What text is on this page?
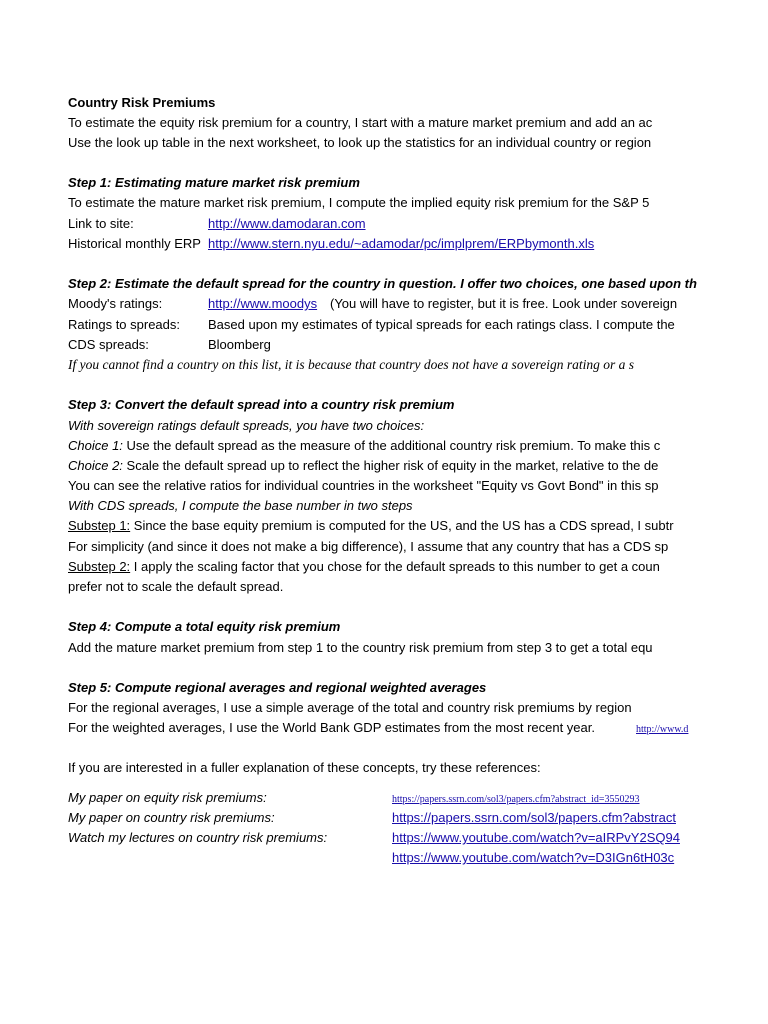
Country Risk Premiums
To estimate the equity risk premium for a country, I start with a mature market premium and add an ac
Use the look up table in the next worksheet, to look up the statistics for an individual country or region
Step 1: Estimating mature market risk premium
To estimate the mature market risk premium, I compute the implied equity risk premium for the S&P 5
Link to site:	http://www.damodaran.com
Historical monthly ERP http://www.stern.nyu.edu/~adamodar/pc/implprem/ERPbymonth.xls
Step 2: Estimate the default spread for the country in question. I offer two choices, one based upon th
Moody's ratings:	http://www.moodys (You will have to register, but it is free. Look under sovereign
Ratings to spreads: Based upon my estimates of typical spreads for each ratings class. I compute the
CDS spreads:	Bloomberg
If you cannot find a country on this list, it is because that country does not have a sovereign rating or a s
Step 3: Convert the default spread into a country risk premium
With sovereign ratings default spreads, you have two choices:
Choice 1: Use the default spread as the measure of the additional country risk premium. To make this c
Choice 2: Scale the default spread up to reflect the higher risk of equity in the market, relative to the de
You can see the relative ratios for individual countries in the worksheet "Equity vs Govt Bond" in this sp
With CDS spreads, I compute the base number in two steps
Substep 1: Since the base equity premium is computed for the US, and the US has a CDS spread, I subtr
For simplicity (and since it does not make a big difference), I assume that any country that has a CDS sp
Substep 2: I apply the scaling factor that you chose for the default spreads to this number to get a coun
prefer not to scale the default spread.
Step 4: Compute a total equity risk premium
Add the mature market premium from step 1 to the country risk premium from step 3 to get a total equ
Step 5: Compute regional averages and regional weighted averages
For the regional averages, I use a simple average of the total and country risk premiums by region
For the weighted averages, I use the World Bank GDP estimates from the most recent year.	http://www.d
If you are interested in a fuller explanation of these concepts, try these references:
My paper on equity risk premiums:	https://papers.ssrn.com/sol3/papers.cfm?abstract_id=3550293
My paper on country risk premiums:	https://papers.ssrn.com/sol3/papers.cfm?abstract
Watch my lectures on country risk premiums:	https://www.youtube.com/watch?v=aIRPvY2SQ94
https://www.youtube.com/watch?v=D3IGn6tH03c
